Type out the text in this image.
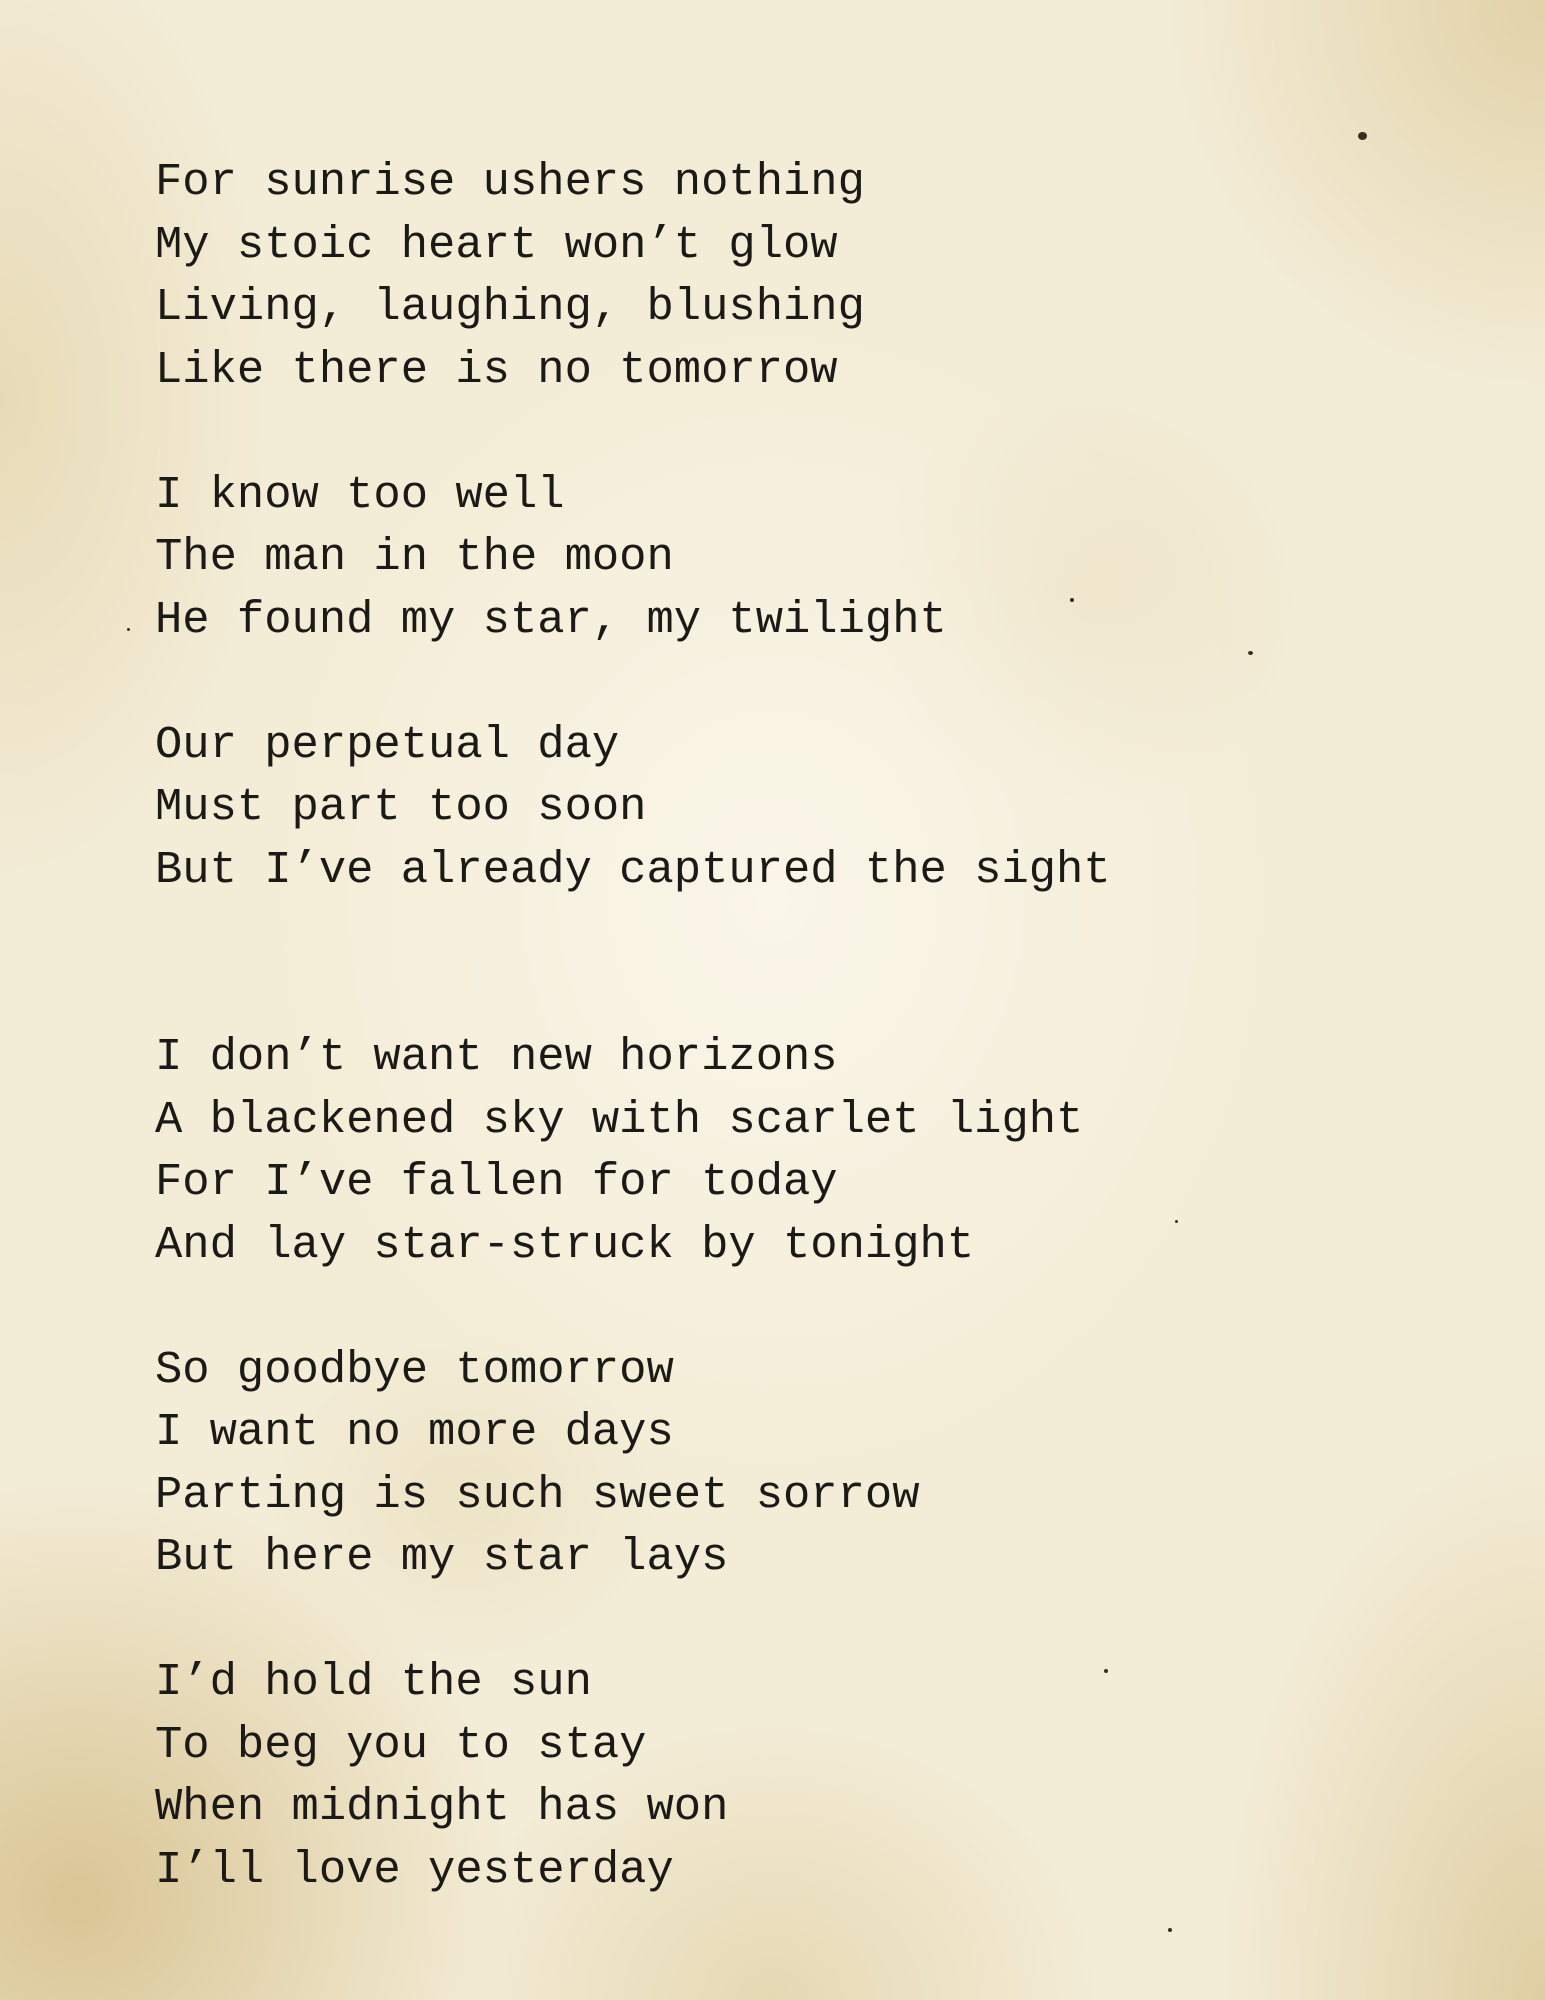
For sunrise ushers nothing
My stoic heart won’t glow
Living, laughing, blushing
Like there is no tomorrow
I know too well
The man in the moon
He found my star, my twilight
Our perpetual day
Must part too soon
But I’ve already captured the sight
I don’t want new horizons
A blackened sky with scarlet light
For I’ve fallen for today
And lay star-struck by tonight
So goodbye tomorrow
I want no more days
Parting is such sweet sorrow
But here my star lays
I’d hold the sun
To beg you to stay
When midnight has won
I’ll love yesterday
